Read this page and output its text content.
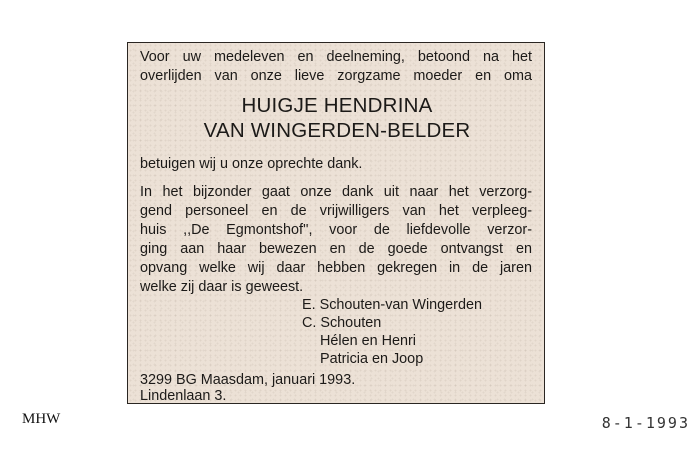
Voor uw medeleven en deelneming, betoond na het
overlijden van onze lieve zorgzame moeder en oma
HUIGJE HENDRINA
VAN WINGERDEN-BELDER
betuigen wij u onze oprechte dank.
In het bijzonder gaat onze dank uit naar het verzorg-
gend personeel en de vrijwilligers van het verpleeg-
huis ,,De Egmontshof'', voor de liefdevolle verzor-
ging aan haar bewezen en de goede ontvangst en
opvang welke wij daar hebben gekregen in de jaren
welke zij daar is geweest.
E. Schouten-van Wingerden
C. Schouten
Hélen en Henri
Patricia en Joop
3299 BG Maasdam, januari 1993.
Lindenlaan 3.
MHW	8-1-1993
